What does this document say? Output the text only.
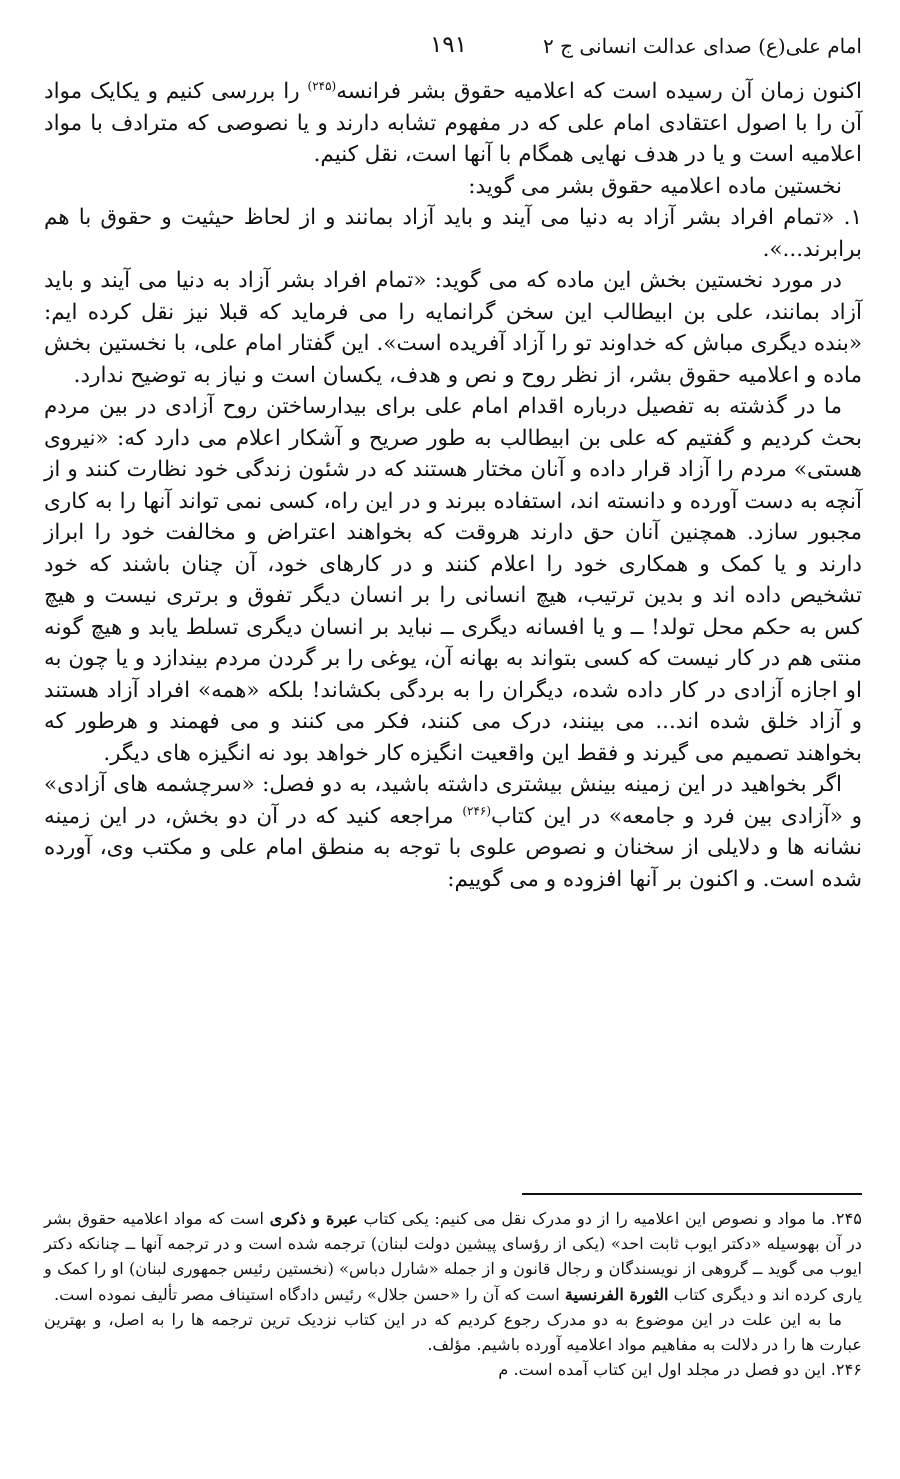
امام علی(ع) صدای عدالت انسانی ج ۲
۱۹۱

اکنون زمان آن رسیده است که اعلامیه حقوق بشر فرانسه$^{(۲۴۵)}$ را بررسی کنیم و یکایک مواد آن را با اصول اعتقادی امام علی که در مفهوم تشابه دارند و یا نصوصی که مترادف با مواد اعلامیه است و یا در هدف نهایی همگام با آنها است، نقل کنیم.

نخستین ماده اعلامیه حقوق بشر می گوید:

۱. «تمام افراد بشر آزاد به دنیا می آیند و باید آزاد بمانند و از لحاظ حیثیت و حقوق با هم برابرند...».

در مورد نخستین بخش این ماده که می گوید: «تمام افراد بشر آزاد به دنیا می آیند و باید آزاد بمانند، علی بن ابیطالب این سخن گرانمایه را می فرماید که قبلا نیز نقل کرده ایم: «بنده دیگری مباش که خداوند تو را آزاد آفریده است». این گفتار امام علی، با نخستین بخش ماده و اعلامیه حقوق بشر، از نظر روح و نص و هدف، یکسان است و نیاز به توضیح ندارد.

ما در گذشته به تفصیل درباره اقدام امام علی برای بیدارساختن روح آزادی در بین مردم بحث کردیم و گفتیم که علی بن ابیطالب به طور صریح و آشکار اعلام می دارد که: «نیروی هستی» مردم را آزاد قرار داده و آنان مختار هستند که در شئون زندگی خود نظارت کنند و از آنچه به دست آورده و دانسته اند، استفاده ببرند و در این راه، کسی نمی تواند آنها را به کاری مجبور سازد. همچنین آنان حق دارند هروقت که بخواهند اعتراض و مخالفت خود را ابراز دارند و یا کمک و همکاری خود را اعلام کنند و در کارهای خود، آن چنان باشند که خود تشخیص داده اند و بدین ترتیب، هیچ انسانی را بر انسان دیگر تفوق و برتری نیست و هیچ کس به حکم محل تولد! ــ و یا افسانه دیگری ــ نباید بر انسان دیگری تسلط یابد و هیچ گونه منتی هم در کار نیست که کسی بتواند به بهانه آن، یوغی را بر گردن مردم بیندازد و یا چون به او اجازه آزادی در کار داده شده، دیگران را به بردگی بکشاند! بلکه «همه» افراد آزاد هستند و آزاد خلق شده اند... می بینند، درک می کنند، فکر می کنند و می فهمند و هرطور که بخواهند تصمیم می گیرند و فقط این واقعیت انگیزه کار خواهد بود نه انگیزه های دیگر.

اگر بخواهید در این زمینه بینش بیشتری داشته باشید، به دو فصل: «سرچشمه های آزادی» و «آزادی بین فرد و جامعه» در این کتاب$^{(۲۴۶)}$ مراجعه کنید که در آن دو بخش، در این زمینه نشانه ها و دلایلی از سخنان و نصوص علوی با توجه به منطق امام علی و مکتب وی، آورده شده است. و اکنون بر آنها افزوده و می گوییم:

۲۴۵. ما مواد و نصوص این اعلامیه را از دو مدرک نقل می کنیم: یکی کتاب عبرة و ذکری است که مواد اعلامیه حقوق بشر در آن بهوسیله «دکتر ایوب ثابت احد» (یکی از رؤسای پیشین دولت لبنان) ترجمه شده است و در ترجمه آنها ــ چنانکه دکتر ایوب می گوید ــ گروهی از نویسندگان و رجال قانون و از جمله «شارل دباس» (نخستین رئیس جمهوری لبنان) او را کمک و یاری کرده اند و دیگری کتاب الثورة الفرنسیة است که آن را «حسن جلال» رئیس دادگاه استیناف مصر تألیف نموده است.

ما به این علت در این موضوع به دو مدرک رجوع کردیم که در این کتاب نزدیک ترین ترجمه ها را به اصل، و بهترین عبارت ها را در دلالت به مفاهیم مواد اعلامیه آورده باشیم. مؤلف.

۲۴۶. این دو فصل در مجلد اول این کتاب آمده است. م
